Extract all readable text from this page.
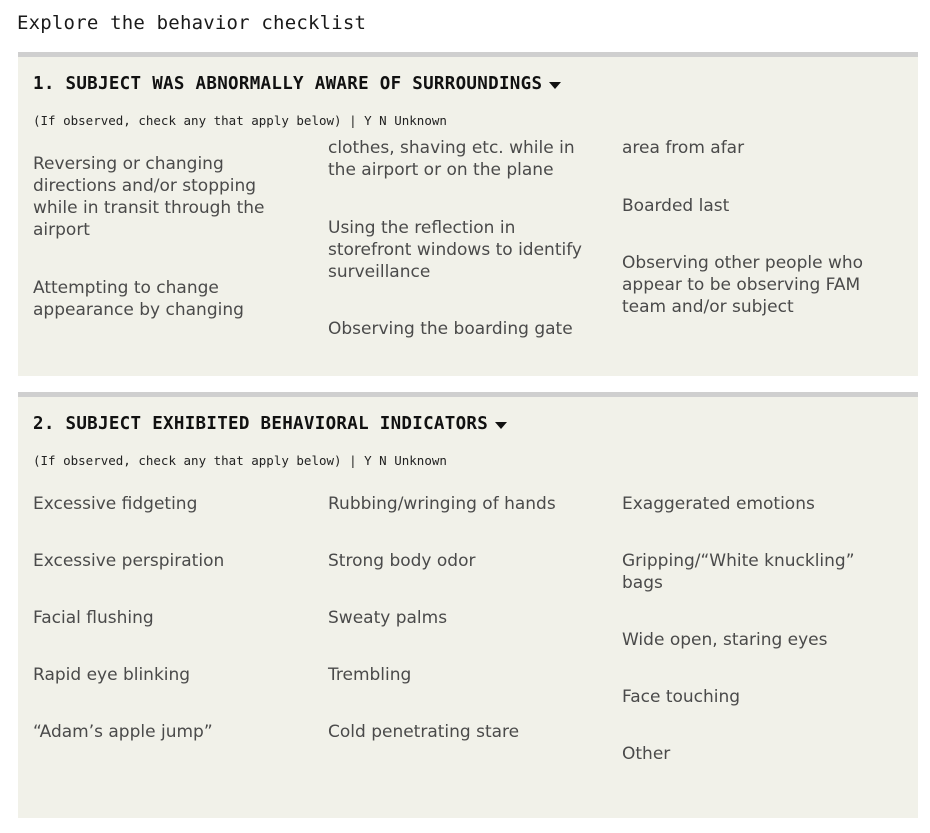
Explore the behavior checklist
1. SUBJECT WAS ABNORMALLY AWARE OF SURROUNDINGS
(If observed, check any that apply below) | Y N Unknown
Reversing or changing directions and/or stopping while in transit through the airport
Attempting to change appearance by changing
clothes, shaving etc. while in the airport or on the plane
Using the reflection in storefront windows to identify surveillance
Observing the boarding gate
area from afar
Boarded last
Observing other people who appear to be observing FAM team and/or subject
2. SUBJECT EXHIBITED BEHAVIORAL INDICATORS
(If observed, check any that apply below) | Y N Unknown
Excessive fidgeting
Excessive perspiration
Facial flushing
Rapid eye blinking
“Adam’s apple jump”
Rubbing/wringing of hands
Strong body odor
Sweaty palms
Trembling
Cold penetrating stare
Exaggerated emotions
Gripping/“White knuckling” bags
Wide open, staring eyes
Face touching
Other
